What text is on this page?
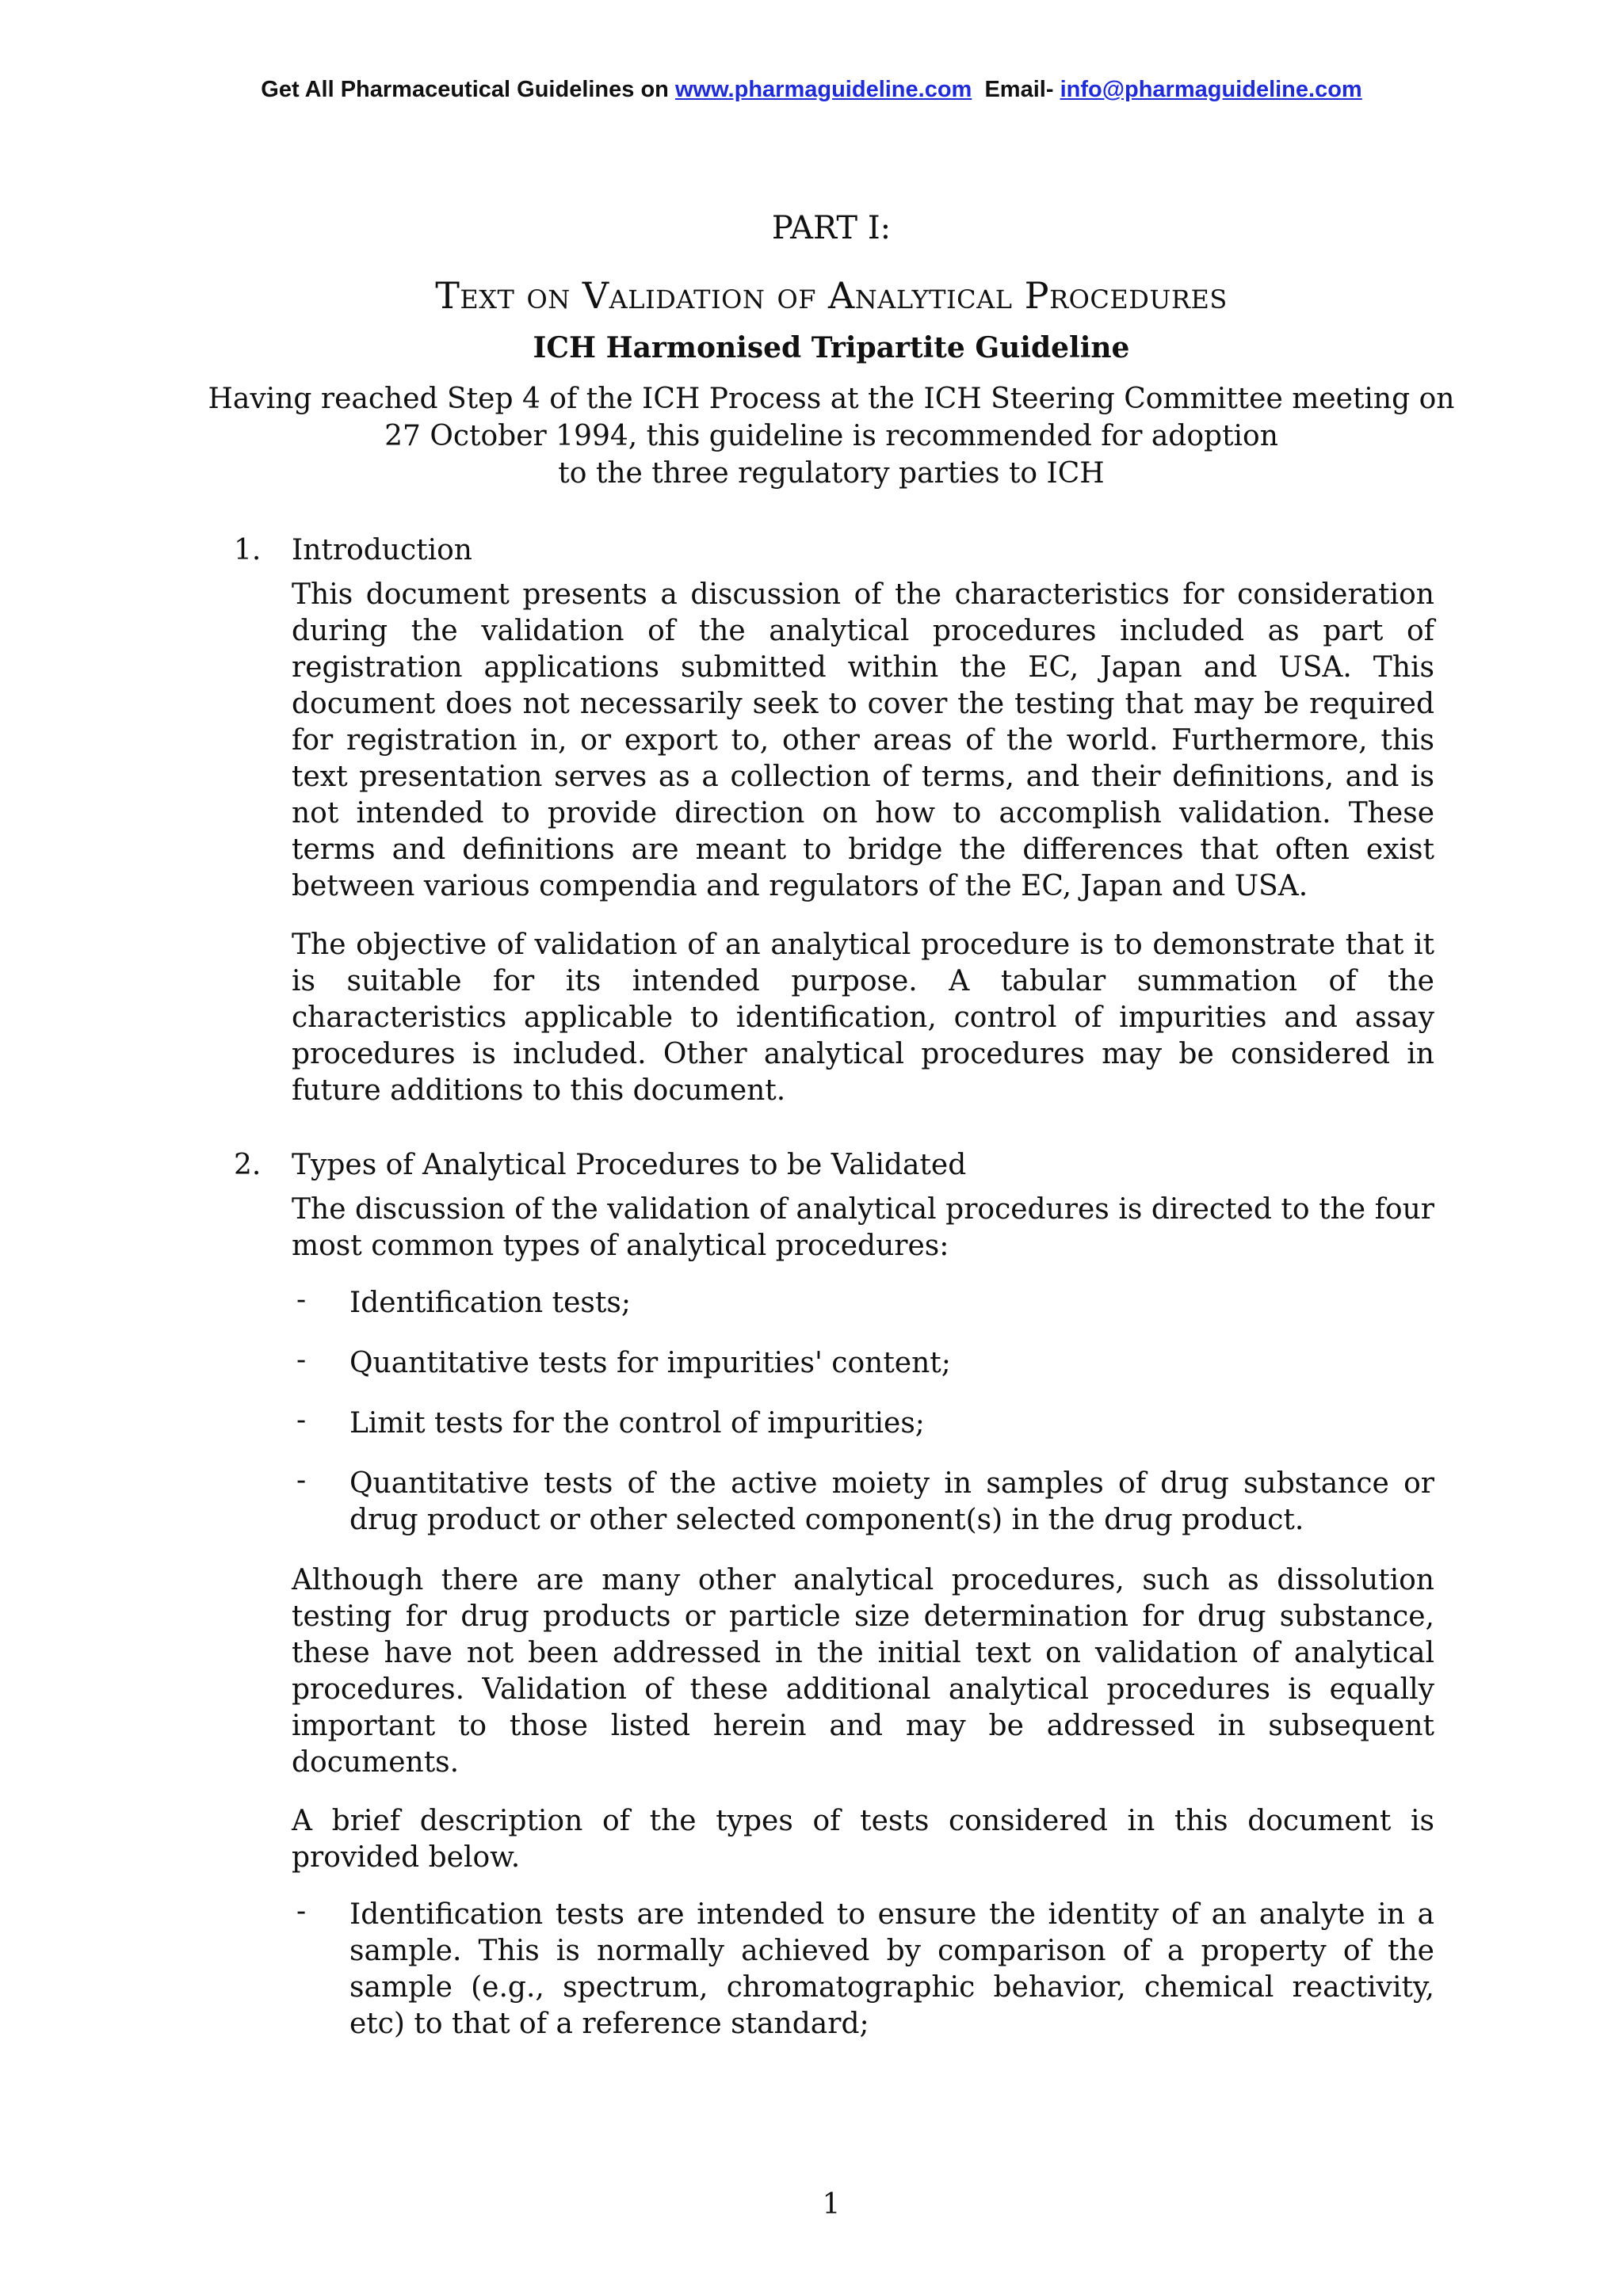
Get All Pharmaceutical Guidelines on www.pharmaguideline.com Email- info@pharmaguideline.com
PART I:
Text on Validation of Analytical Procedures
ICH Harmonised Tripartite Guideline
Having reached Step 4 of the ICH Process at the ICH Steering Committee meeting on
27 October 1994, this guideline is recommended for adoption
to the three regulatory parties to ICH
1. Introduction

This document presents a discussion of the characteristics for consideration during the validation of the analytical procedures included as part of registration applications submitted within the EC, Japan and USA. This document does not necessarily seek to cover the testing that may be required for registration in, or export to, other areas of the world. Furthermore, this text presentation serves as a collection of terms, and their definitions, and is not intended to provide direction on how to accomplish validation. These terms and definitions are meant to bridge the differences that often exist between various compendia and regulators of the EC, Japan and USA.

The objective of validation of an analytical procedure is to demonstrate that it is suitable for its intended purpose. A tabular summation of the characteristics applicable to identification, control of impurities and assay procedures is included. Other analytical procedures may be considered in future additions to this document.

2. Types of Analytical Procedures to be Validated

The discussion of the validation of analytical procedures is directed to the four most common types of analytical procedures:

- Identification tests;
- Quantitative tests for impurities' content;
- Limit tests for the control of impurities;
- Quantitative tests of the active moiety in samples of drug substance or drug product or other selected component(s) in the drug product.

Although there are many other analytical procedures, such as dissolution testing for drug products or particle size determination for drug substance, these have not been addressed in the initial text on validation of analytical procedures. Validation of these additional analytical procedures is equally important to those listed herein and may be addressed in subsequent documents.

A brief description of the types of tests considered in this document is provided below.

- Identification tests are intended to ensure the identity of an analyte in a sample. This is normally achieved by comparison of a property of the sample (e.g., spectrum, chromatographic behavior, chemical reactivity, etc) to that of a reference standard;
1
